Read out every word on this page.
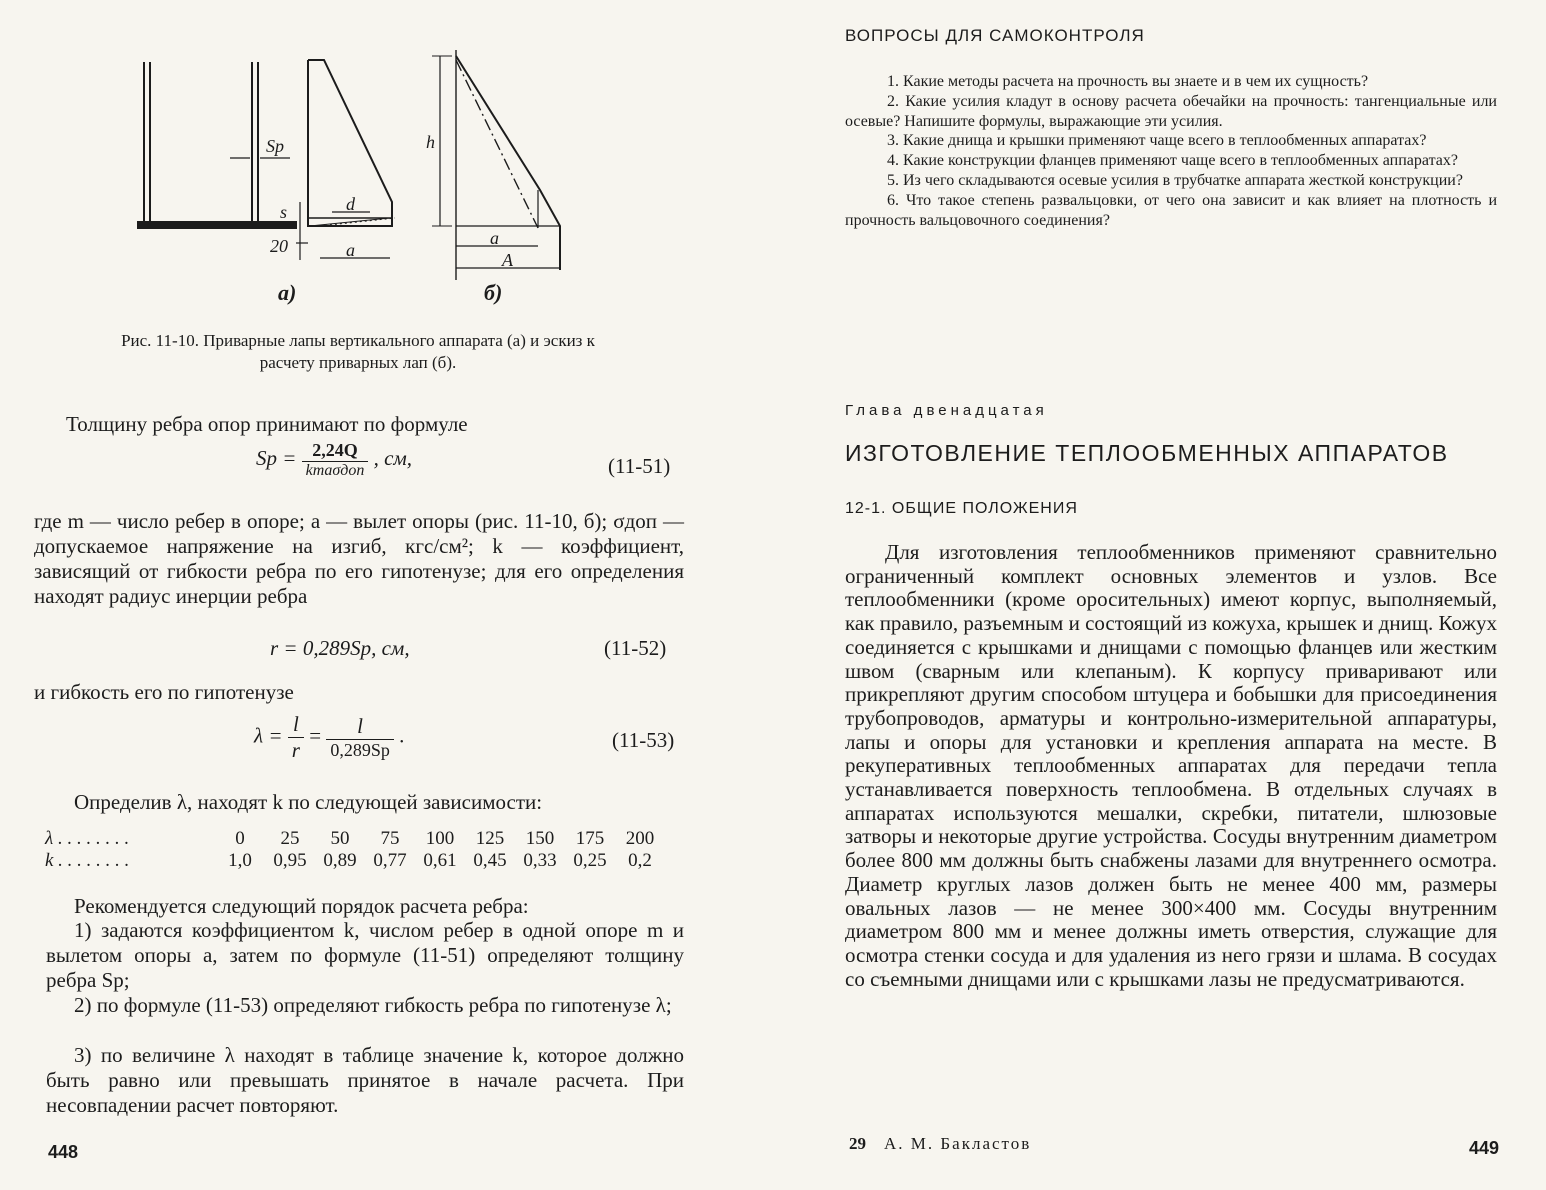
Sp
s	d
20	a
h
a
A
а)	б)
Рис. 11-10. Приварные лапы вертикального аппарата (а) и эскиз к расчету приварных лап (б).
Толщину ребра опор принимают по формуле
$Sp = \frac{2,24Q}{\text{kmaσдоп}}$ , см,	(11-51)
где m — число ребер в опоре; a — вылет опоры (рис. 11-10, б); σдоп — допускаемое напряжение на изгиб, кгс/см²; k — коэффициент, зависящий от гибкости ребра по его гипотенузе; для его определения находят радиус инерции ребра
r = 0,289Sp, см,	(11-52)
и гибкость его по гипотенузе
$\lambda = \frac{l}{r} = \frac{l}{0,289Sp}$ .	(11-53)
Определив λ, находят k по следующей зависимости:
λ . . . . . . . .	0 25 50 75 100 125 150 175 200
k . . . . . . . .	1,0 0,95 0,89 0,77 0,61 0,45 0,33 0,25 0,2
Рекомендуется следующий порядок расчета ребра:
1) задаются коэффициентом k, числом ребер в одной опоре m и вылетом опоры a, затем по формуле (11-51) определяют толщину ребра Sp;
2) по формуле (11-53) определяют гибкость ребра по гипотенузе λ;
3) по величине λ находят в таблице значение k, которое должно быть равно или превышать принятое в начале расчета. При несовпадении расчет повторяют.
448
ВОПРОСЫ ДЛЯ САМОКОНТРОЛЯ

1. Какие методы расчета на прочность вы знаете и в чем их сущность?

2. Какие усилия кладут в основу расчета обечайки на прочность: тангенциальные или осевые? Напишите формулы, выражающие эти усилия.

3. Какие днища и крышки применяют чаще всего в теплообменных аппаратах?

4. Какие конструкции фланцев применяют чаще всего в теплообменных аппаратах?

5. Из чего складываются осевые усилия в трубчатке аппарата жесткой конструкции?

6. Что такое степень развальцовки, от чего она зависит и как влияет на плотность и прочность вальцовочного соединения?

Глава двенадцатая
ИЗГОТОВЛЕНИЕ ТЕПЛООБМЕННЫХ АППАРАТОВ
12-1. ОБЩИЕ ПОЛОЖЕНИЯ

Для изготовления теплообменников применяют сравнительно ограниченный комплект основных элементов и узлов. Все теплообменники (кроме оросительных) имеют корпус, выполняемый, как правило, разъемным и состоящий из кожуха, крышек и днищ. Кожух соединяется с крышками и днищами с помощью фланцев или жестким швом (сварным или клепаным). К корпусу приваривают или прикрепляют другим способом штуцера и бобышки для присоединения трубопроводов, арматуры и контрольно-измерительной аппаратуры, лапы и опоры для установки и крепления аппарата на месте. В рекуперативных теплообменных аппаратах для передачи тепла устанавливается поверхность теплообмена. В отдельных случаях в аппаратах используются мешалки, скребки, питатели, шлюзовые затворы и некоторые другие устройства. Сосуды внутренним диаметром более 800 мм должны быть снабжены лазами для внутреннего осмотра. Диаметр круглых лазов должен быть не менее 400 мм, размеры овальных лазов — не менее 300×400 мм. Сосуды внутренним диаметром 800 мм и менее должны иметь отверстия, служащие для осмотра стенки сосуда и для удаления из него грязи и шлама. В сосудах со съемными днищами или с крышками лазы не предусматриваются.

29 А. М. Бакластов	449
